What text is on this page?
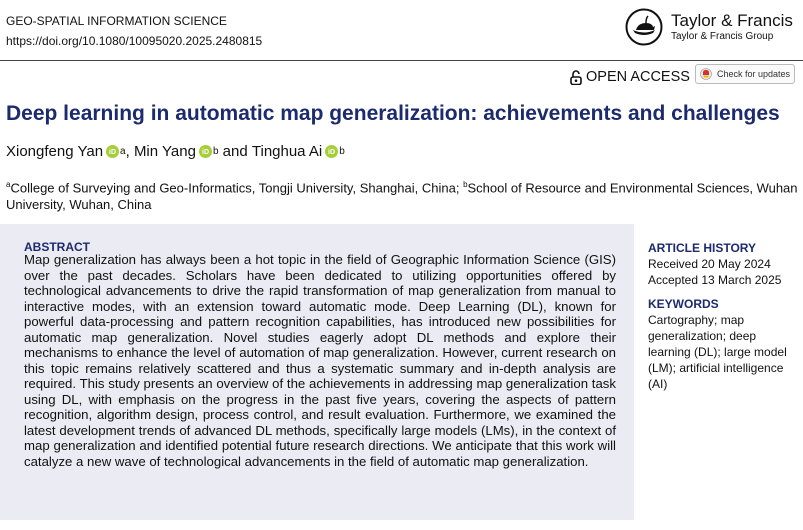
GEO-SPATIAL INFORMATION SCIENCE
https://doi.org/10.1080/10095020.2025.2480815
Taylor & Francis
Taylor & Francis Group
OPEN ACCESS	Check for updates
Deep learning in automatic map generalization: achievements and challenges
Xiongfeng Yan iD a ,
Min Yang iD b
and
Tinghua Ai iD b
$^a$College of Surveying and Geo-Informatics, Tongji University, Shanghai, China; $^b$School of Resource and Environmental Sciences, Wuhan University, Wuhan, China
ABSTRACT
Map generalization has always been a hot topic in the field of Geographic Information Science (GIS) over the past decades. Scholars have been dedicated to utilizing opportunities offered by technological advancements to drive the rapid transformation of map generalization from manual to interactive modes, with an extension toward automatic mode. Deep Learning (DL), known for powerful data-processing and pattern recognition capabilities, has introduced new possibilities for automatic map generalization. Novel studies eagerly adopt DL methods and explore their mechanisms to enhance the level of automation of map generalization. However, current research on this topic remains relatively scattered and thus a systematic summary and in-depth analysis are required. This study presents an overview of the achievements in addressing map generalization task using DL, with emphasis on the progress in the past five years, covering the aspects of pattern recognition, algorithm design, process control, and result evaluation. Furthermore, we examined the latest development trends of advanced DL methods, specifically large models (LMs), in the context of map generalization and identified potential future research directions. We anticipate that this work will catalyze a new wave of technological advancements in the field of automatic map generalization.
ARTICLE HISTORY
Received 20 May 2024
Accepted 13 March 2025
KEYWORDS
Cartography; map generalization; deep learning (DL); large model (LM); artificial intelligence (AI)
